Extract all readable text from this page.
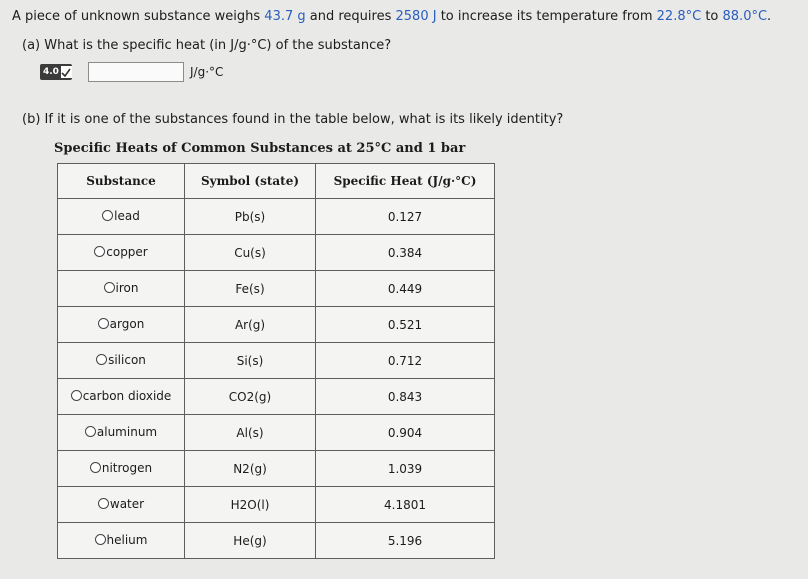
A piece of unknown substance weighs 43.7 g and requires 2580 J to increase its temperature from 22.8°C to 88.0°C.
(a) What is the specific heat (in J/g·°C) of the substance?
4.0	J/g·°C
(b) If it is one of the substances found in the table below, what is its likely identity?
Specific Heats of Common Substances at 25°C and 1 bar
Substance	Symbol (state)	Specific Heat (J/g·°C)

lead	Pb(s)	0.127

copper	Cu(s)	0.384

iron	Fe(s)	0.449

argon	Ar(g)	0.521

silicon	Si(s)	0.712

carbon dioxide	CO2(g)	0.843

aluminum	Al(s)	0.904

nitrogen	N2(g)	1.039

water	H2O(l)	4.1801

helium	He(g)	5.196
